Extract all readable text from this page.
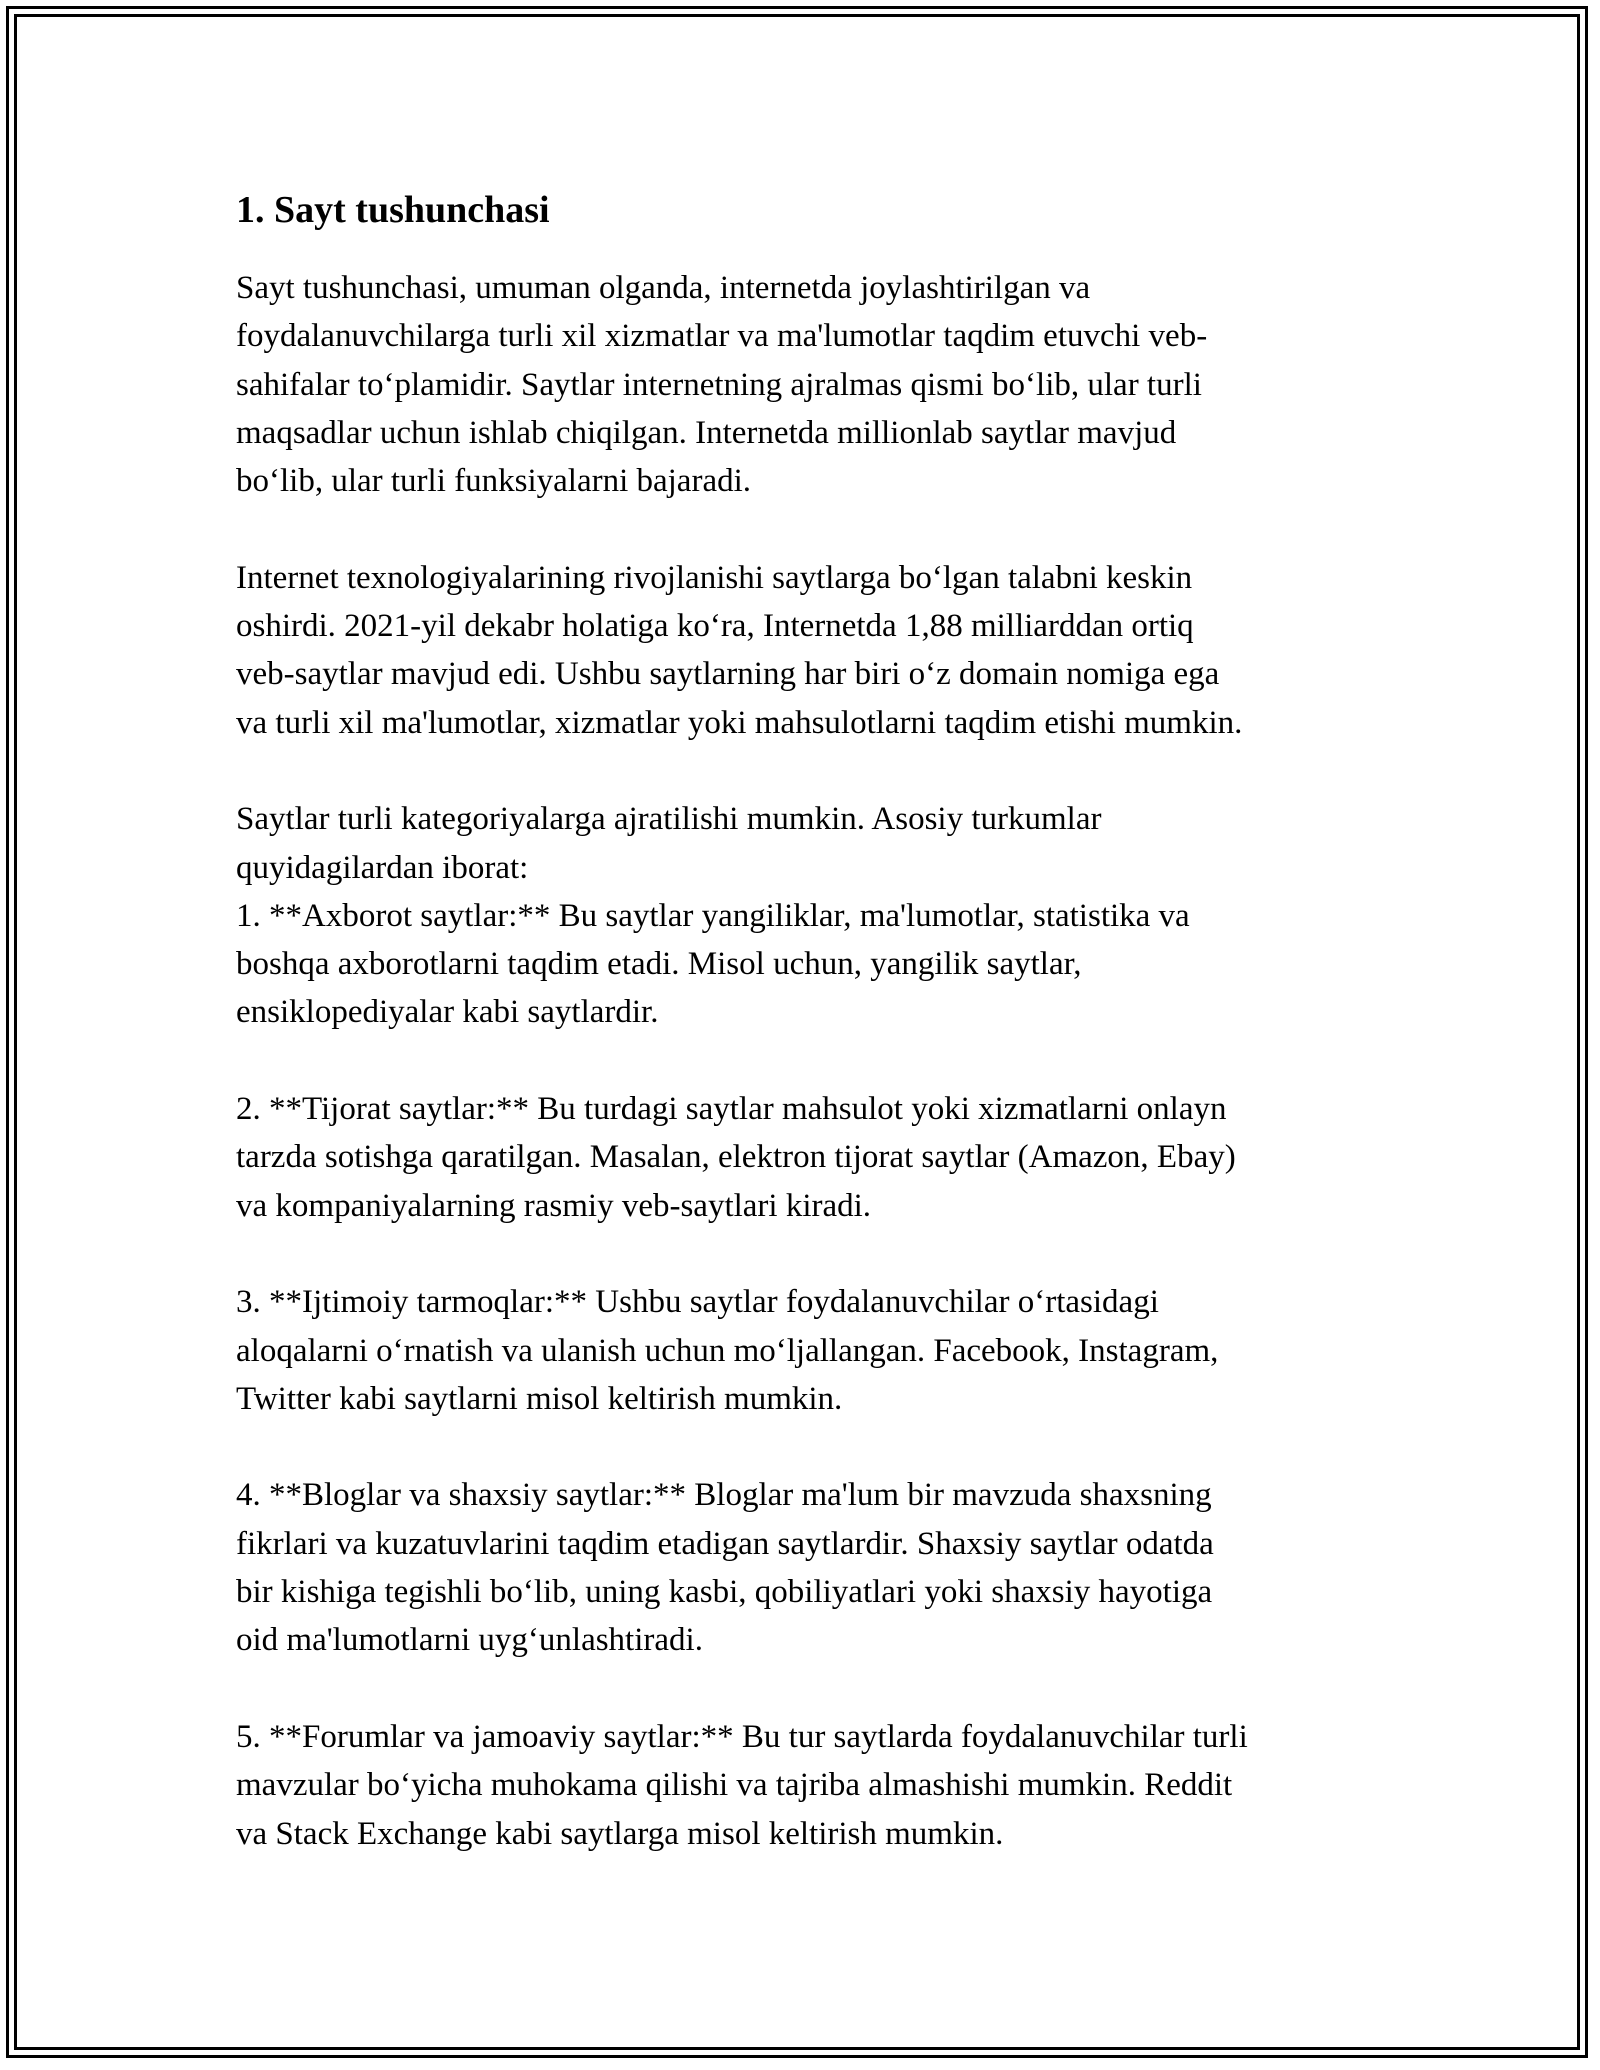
1. Sayt tushunchasi

Sayt tushunchasi, umuman olganda, internetda joylashtirilgan va
foydalanuvchilarga turli xil xizmatlar va ma'lumotlar taqdim etuvchi veb-
sahifalar to‘plamidir. Saytlar internetning ajralmas qismi bo‘lib, ular turli
maqsadlar uchun ishlab chiqilgan. Internetda millionlab saytlar mavjud
bo‘lib, ular turli funksiyalarni bajaradi.

Internet texnologiyalarining rivojlanishi saytlarga bo‘lgan talabni keskin
oshirdi. 2021-yil dekabr holatiga ko‘ra, Internetda 1,88 milliarddan ortiq
veb-saytlar mavjud edi. Ushbu saytlarning har biri o‘z domain nomiga ega
va turli xil ma'lumotlar, xizmatlar yoki mahsulotlarni taqdim etishi mumkin.

Saytlar turli kategoriyalarga ajratilishi mumkin. Asosiy turkumlar
quyidagilardan iborat:
1. **Axborot saytlar:** Bu saytlar yangiliklar, ma'lumotlar, statistika va
boshqa axborotlarni taqdim etadi. Misol uchun, yangilik saytlar,
ensiklopediyalar kabi saytlardir.

2. **Tijorat saytlar:** Bu turdagi saytlar mahsulot yoki xizmatlarni onlayn
tarzda sotishga qaratilgan. Masalan, elektron tijorat saytlar (Amazon, Ebay)
va kompaniyalarning rasmiy veb-saytlari kiradi.

3. **Ijtimoiy tarmoqlar:** Ushbu saytlar foydalanuvchilar o‘rtasidagi
aloqalarni o‘rnatish va ulanish uchun mo‘ljallangan. Facebook, Instagram,
Twitter kabi saytlarni misol keltirish mumkin.

4. **Bloglar va shaxsiy saytlar:** Bloglar ma'lum bir mavzuda shaxsning
fikrlari va kuzatuvlarini taqdim etadigan saytlardir. Shaxsiy saytlar odatda
bir kishiga tegishli bo‘lib, uning kasbi, qobiliyatlari yoki shaxsiy hayotiga
oid ma'lumotlarni uyg‘unlashtiradi.

5. **Forumlar va jamoaviy saytlar:** Bu tur saytlarda foydalanuvchilar turli
mavzular bo‘yicha muhokama qilishi va tajriba almashishi mumkin. Reddit
va Stack Exchange kabi saytlarga misol keltirish mumkin.
